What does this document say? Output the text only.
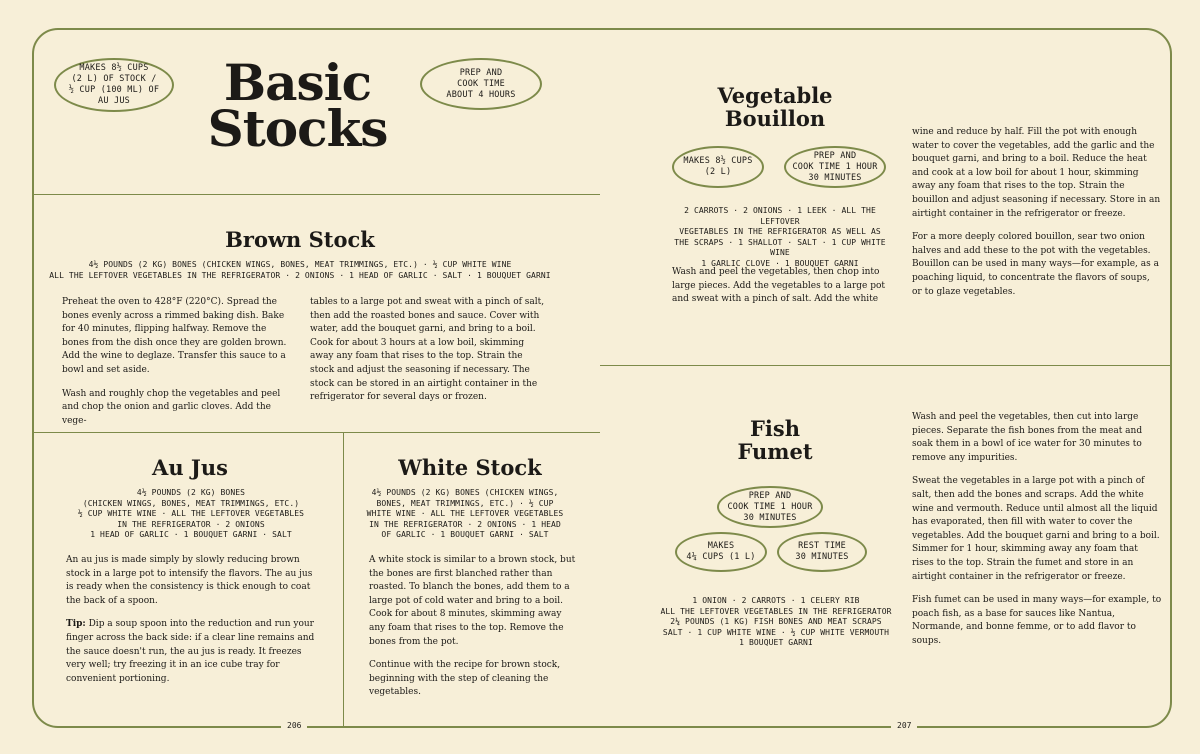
MAKES 8½ CUPS
(2 L) OF STOCK /
½ CUP (100 ML) OF
AU JUS
PREP AND
COOK TIME
ABOUT 4 HOURS
Basic
Stocks
Brown Stock
4½ POUNDS (2 KG) BONES (CHICKEN WINGS, BONES, MEAT TRIMMINGS, ETC.) · ½ CUP WHITE WINE
ALL THE LEFTOVER VEGETABLES IN THE REFRIGERATOR · 2 ONIONS · 1 HEAD OF GARLIC · SALT · 1 BOUQUET GARNI

Preheat the oven to 428°F (220°C). Spread the bones evenly across a rimmed baking dish. Bake for 40 minutes, flipping halfway. Remove the bones from the dish once they are golden brown. Add the wine to deglaze. Transfer this sauce to a bowl and set aside.

Wash and roughly chop the vegetables and peel and chop the onion and garlic cloves. Add the vege-

tables to a large pot and sweat with a pinch of salt, then add the roasted bones and sauce. Cover with water, add the bouquet garni, and bring to a boil. Cook for about 3 hours at a low boil, skimming away any foam that rises to the top. Strain the stock and adjust the seasoning if necessary. The stock can be stored in an airtight container in the refrigerator for several days or frozen.

Au Jus
4½ POUNDS (2 KG) BONES
(CHICKEN WINGS, BONES, MEAT TRIMMINGS, ETC.)
½ CUP WHITE WINE · ALL THE LEFTOVER VEGETABLES
IN THE REFRIGERATOR · 2 ONIONS
1 HEAD OF GARLIC · 1 BOUQUET GARNI · SALT

An au jus is made simply by slowly reducing brown stock in a large pot to intensify the flavors. The au jus is ready when the consistency is thick enough to coat the back of a spoon.

Tip: Dip a soup spoon into the reduction and run your finger across the back side: if a clear line remains and the sauce doesn't run, the au jus is ready. It freezes very well; try freezing it in an ice cube tray for convenient portioning.

White Stock
4½ POUNDS (2 KG) BONES (CHICKEN WINGS,
BONES, MEAT TRIMMINGS, ETC.) · ½ CUP
WHITE WINE · ALL THE LEFTOVER VEGETABLES
IN THE REFRIGERATOR · 2 ONIONS · 1 HEAD
OF GARLIC · 1 BOUQUET GARNI · SALT

A white stock is similar to a brown stock, but the bones are first blanched rather than roasted. To blanch the bones, add them to a large pot of cold water and bring to a boil. Cook for about 8 minutes, skimming away any foam that rises to the top. Remove the bones from the pot.

Continue with the recipe for brown stock, beginning with the step of cleaning the vegetables.

Vegetable
Bouillon
MAKES 8½ CUPS
(2 L)
PREP AND
COOK TIME 1 HOUR
30 MINUTES
2 CARROTS · 2 ONIONS · 1 LEEK · ALL THE LEFTOVER
VEGETABLES IN THE REFRIGERATOR AS WELL AS
THE SCRAPS · 1 SHALLOT · SALT · 1 CUP WHITE WINE
1 GARLIC CLOVE · 1 BOUQUET GARNI

Wash and peel the vegetables, then chop into large pieces. Add the vegetables to a large pot and sweat with a pinch of salt. Add the white

wine and reduce by half. Fill the pot with enough water to cover the vegetables, add the garlic and the bouquet garni, and bring to a boil. Reduce the heat and cook at a low boil for about 1 hour, skimming away any foam that rises to the top. Strain the bouillon and adjust seasoning if necessary. Store in an airtight container in the refrigerator or freeze.

For a more deeply colored bouillon, sear two onion halves and add these to the pot with the vegetables. Bouillon can be used in many ways—for example, as a poaching liquid, to concentrate the flavors of soups, or to glaze vegetables.

Fish
Fumet
PREP AND
COOK TIME 1 HOUR
30 MINUTES
MAKES
4¼ CUPS (1 L)
REST TIME
30 MINUTES
1 ONION · 2 CARROTS · 1 CELERY RIB
ALL THE LEFTOVER VEGETABLES IN THE REFRIGERATOR
2¼ POUNDS (1 KG) FISH BONES AND MEAT SCRAPS
SALT · 1 CUP WHITE WINE · ½ CUP WHITE VERMOUTH
1 BOUQUET GARNI

Wash and peel the vegetables, then cut into large pieces. Separate the fish bones from the meat and soak them in a bowl of ice water for 30 minutes to remove any impurities.

Sweat the vegetables in a large pot with a pinch of salt, then add the bones and scraps. Add the white wine and vermouth. Reduce until almost all the liquid has evaporated, then fill with water to cover the vegetables. Add the bouquet garni and bring to a boil. Simmer for 1 hour, skimming away any foam that rises to the top. Strain the fumet and store in an airtight container in the refrigerator or freeze.

Fish fumet can be used in many ways—for example, to poach fish, as a base for sauces like Nantua, Normande, and bonne femme, or to add flavor to soups.

206	207
